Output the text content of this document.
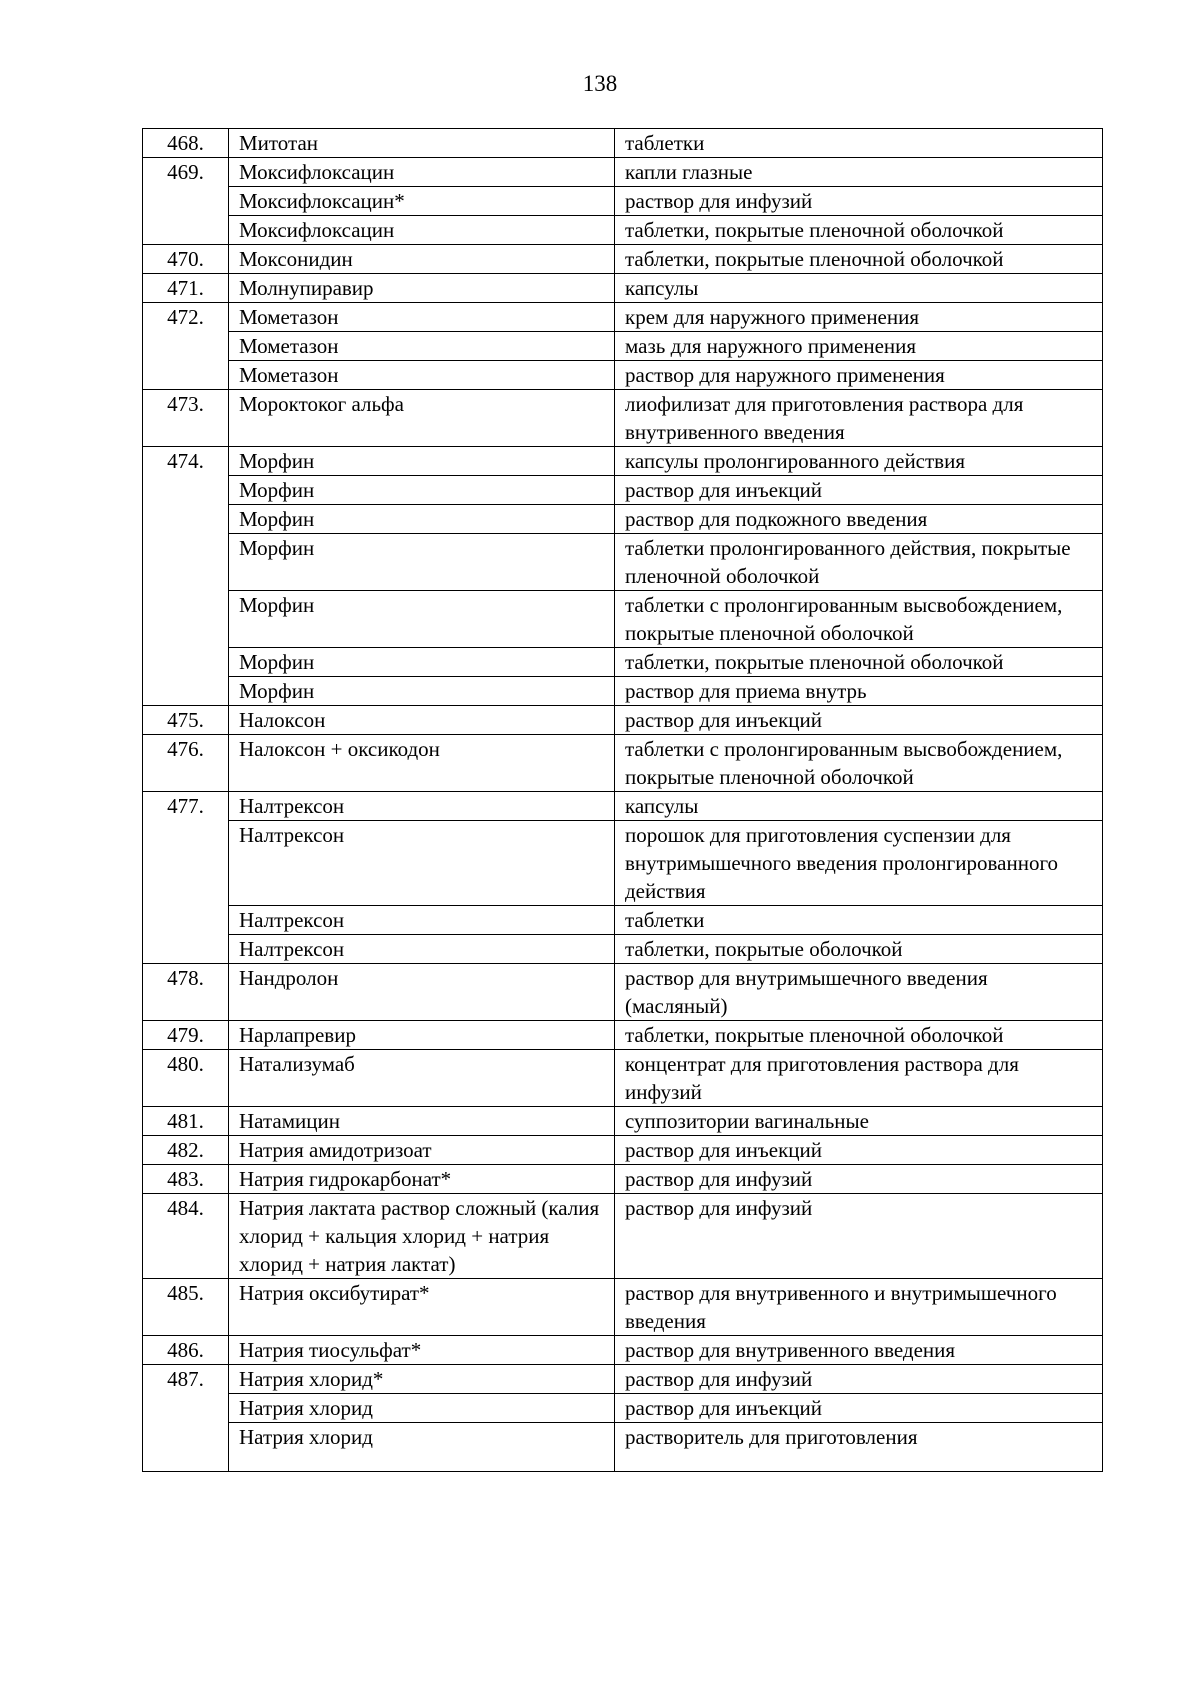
138
468.	Митотан	таблетки
469.	Моксифлоксацин	капли глазные
	Моксифлоксацин*	раствор для инфузий
	Моксифлоксацин	таблетки, покрытые пленочной оболочкой
470.	Моксонидин	таблетки, покрытые пленочной оболочкой
471.	Молнупиравир	капсулы
472.	Мометазон	крем для наружного применения
	Мометазон	мазь для наружного применения
	Мометазон	раствор для наружного применения
473.	Мороктоког альфа	лиофилизат для приготовления раствора для внутривенного введения
474.	Морфин	капсулы пролонгированного действия
	Морфин	раствор для инъекций
	Морфин	раствор для подкожного введения
	Морфин	таблетки пролонгированного действия, покрытые пленочной оболочкой
	Морфин	таблетки с пролонгированным высвобождением, покрытые пленочной оболочкой
	Морфин	таблетки, покрытые пленочной оболочкой
	Морфин	раствор для приема внутрь
475.	Налоксон	раствор для инъекций
476.	Налоксон + оксикодон	таблетки с пролонгированным высвобождением, покрытые пленочной оболочкой
477.	Налтрексон	капсулы
	Налтрексон	порошок для приготовления суспензии для внутримышечного введения пролонгированного действия
	Налтрексон	таблетки
	Налтрексон	таблетки, покрытые оболочкой
478.	Нандролон	раствор для внутримышечного введения (масляный)
479.	Нарлапревир	таблетки, покрытые пленочной оболочкой
480.	Натализумаб	концентрат для приготовления раствора для инфузий
481.	Натамицин	суппозитории вагинальные
482.	Натрия амидотризоат	раствор для инъекций
483.	Натрия гидрокарбонат*	раствор для инфузий
484.	Натрия лактата раствор сложный (калия хлорид + кальция хлорид + натрия хлорид + натрия лактат)	раствор для инфузий
485.	Натрия оксибутират*	раствор для внутривенного и внутримышечного введения
486.	Натрия тиосульфат*	раствор для внутривенного введения
487.	Натрия хлорид*	раствор для инфузий
	Натрия хлорид	раствор для инъекций
	Натрия хлорид	растворитель для приготовления
